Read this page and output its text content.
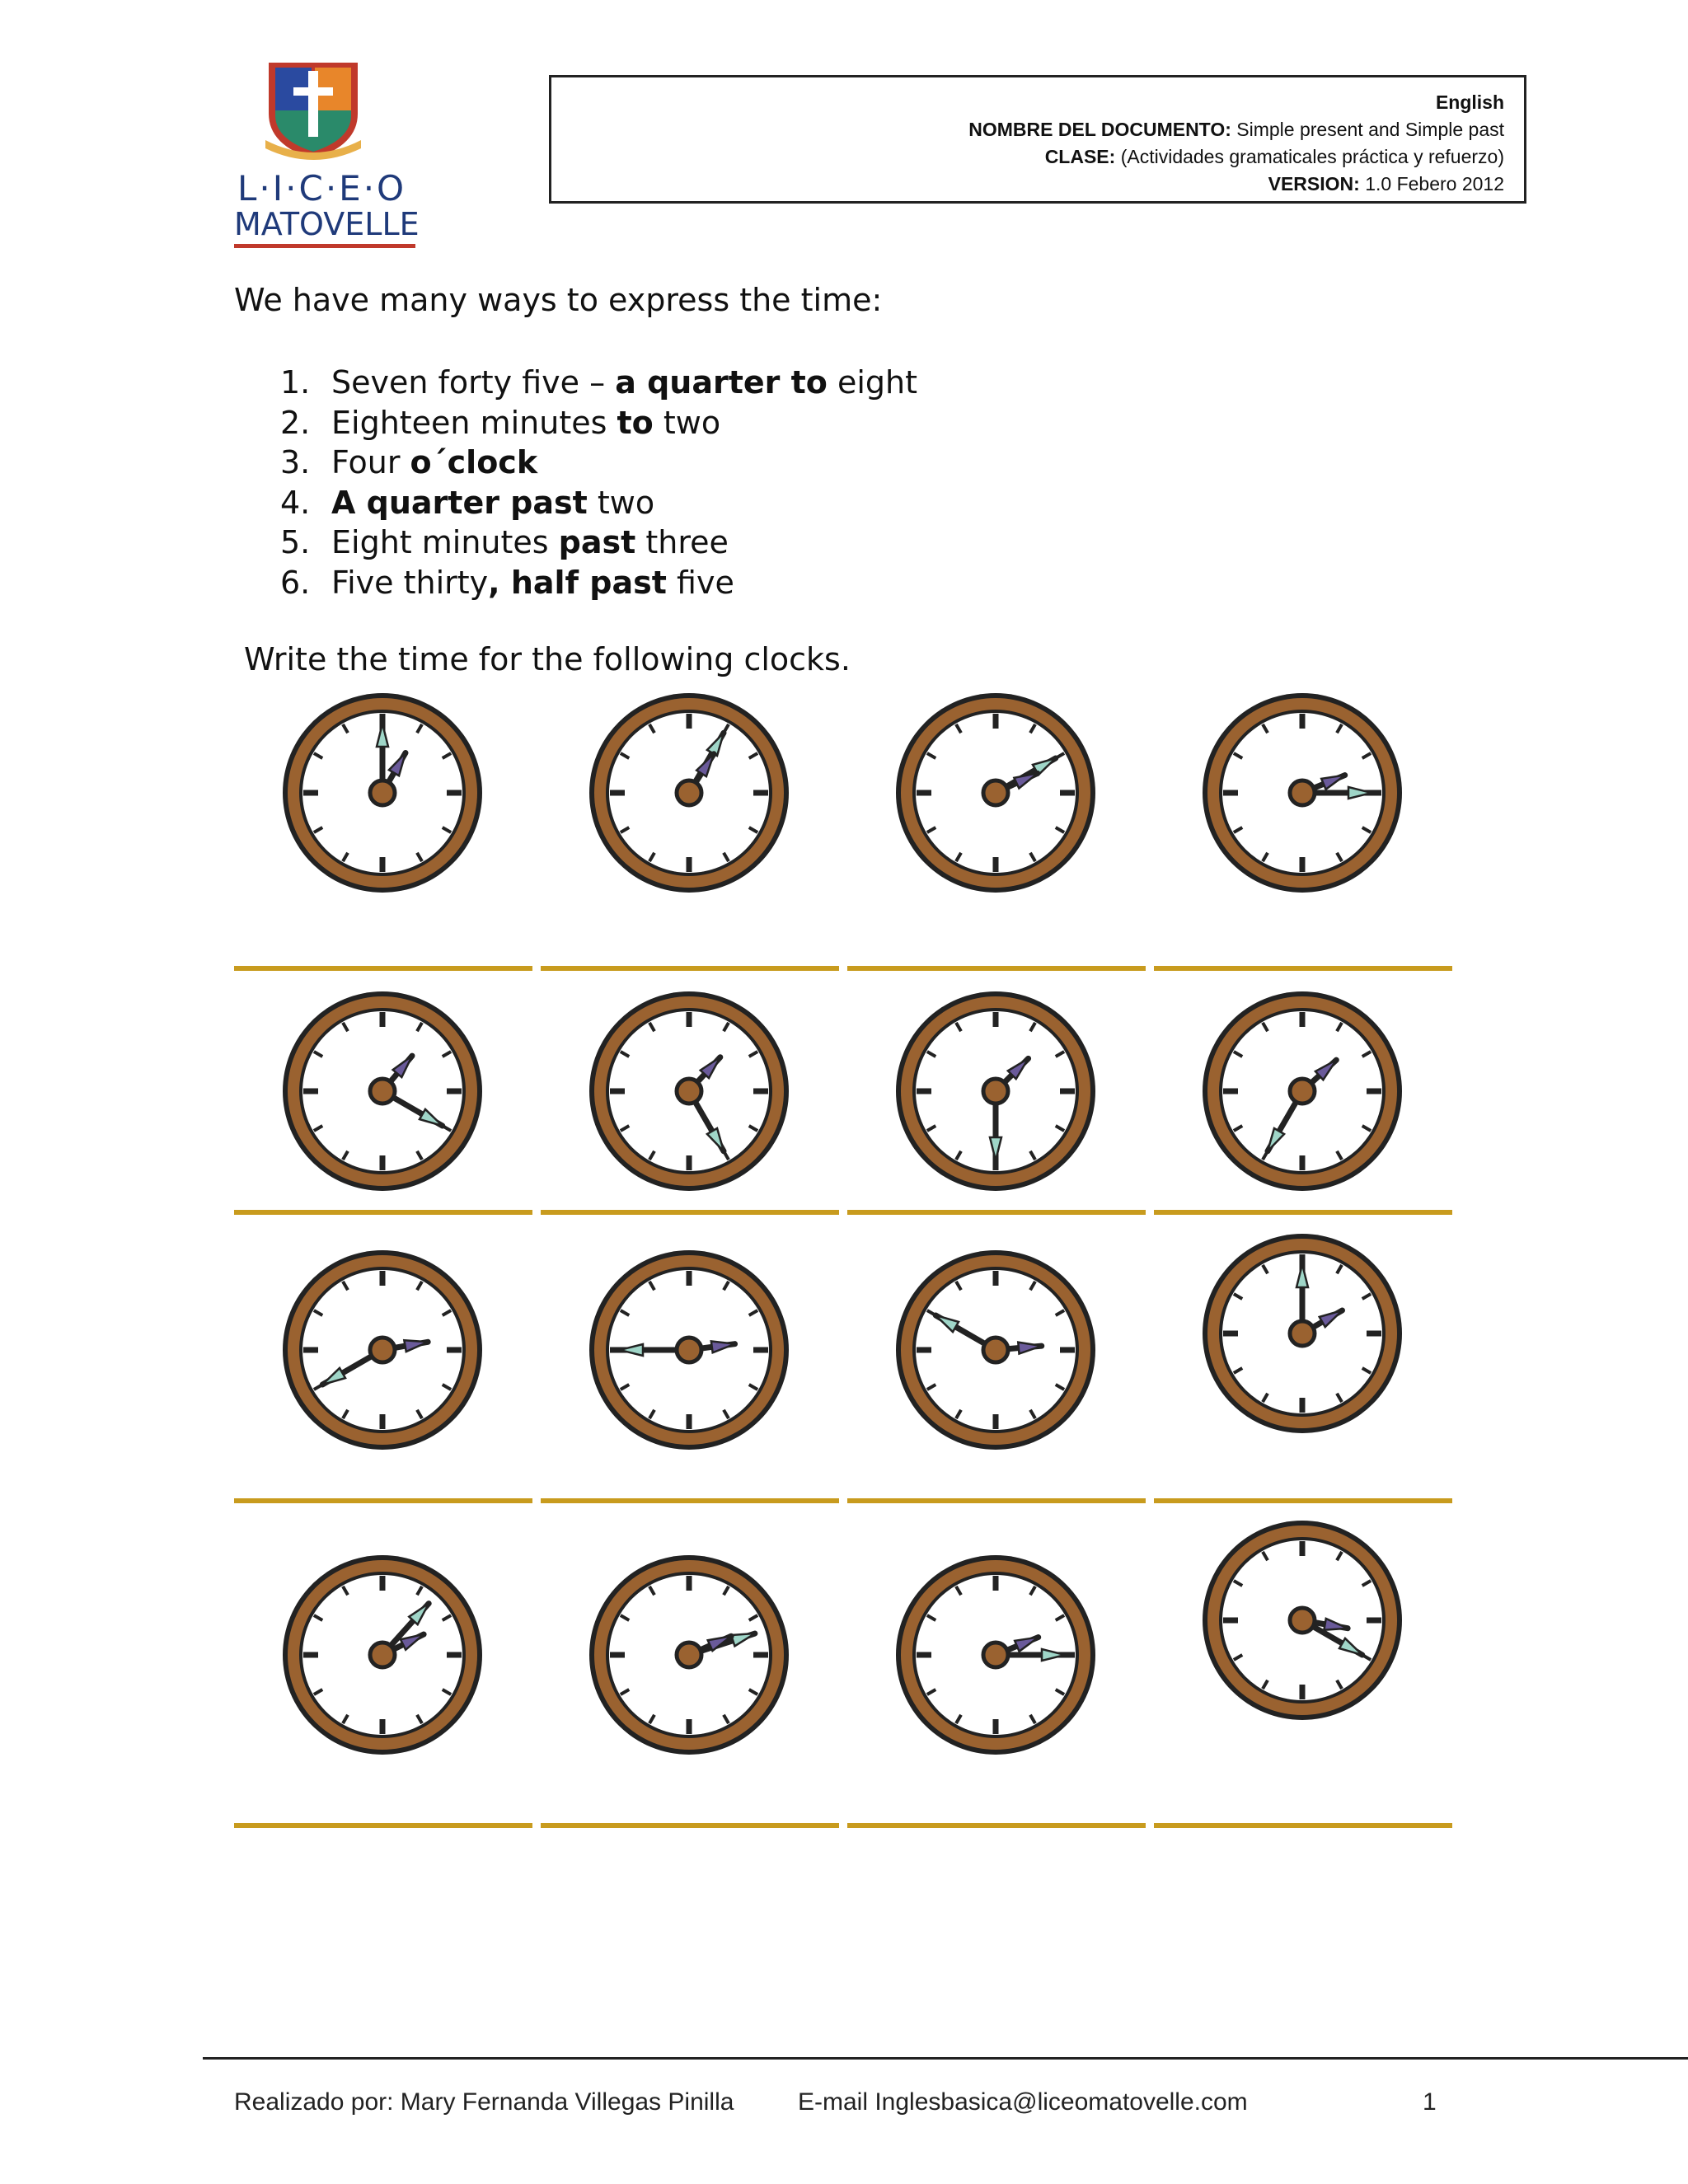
L·I·C·E·O
MATOVELLE
English
NOMBRE DEL DOCUMENTO: Simple present and Simple past
CLASE: (Actividades gramaticales práctica y refuerzo)
VERSION: 1.0 Febero 2012
We have many ways to express the time:
1. Seven forty five – a quarter to eight
2. Eighteen minutes to two
3. Four o´clock
4. A quarter past two
5. Eight minutes past three
6. Five thirty, half past five
Write the time for the following clocks.
Realizado por: Mary Fernanda Villegas Pinilla	E-mail Inglesbasica@liceomatovelle.com	1
